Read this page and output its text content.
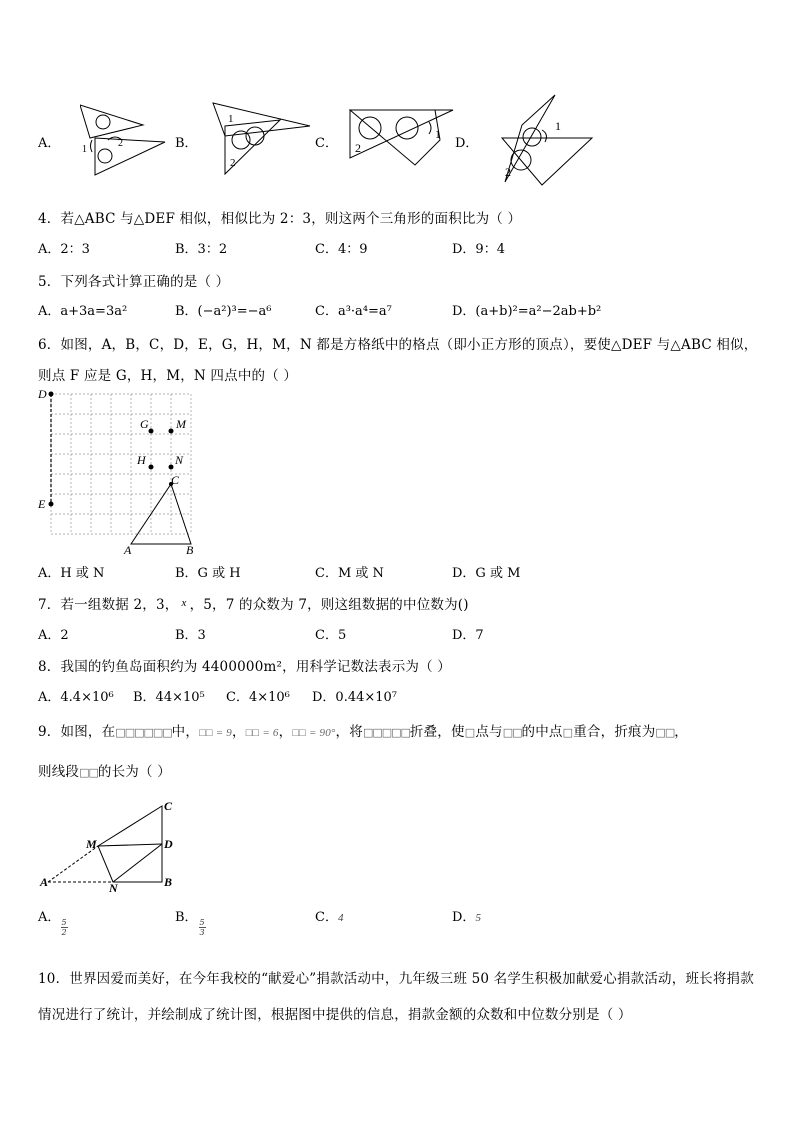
A． 1
2	B．
1
2
C．
1
2	D．
1
2
4．若△ABC 与△DEF 相似，相似比为 2：3，则这两个三角形的面积比为（ ）
A．2：3	B．3：2	C．4：9	D．9：4
5．下列各式计算正确的是（ ）
A．a+3a=3a²	B．(−a²)³=−a⁶	C．a³·a⁴=a⁷	D．(a+b)²=a²−2ab+b²
6．如图，A，B，C，D，E，G，H，M，N 都是方格纸中的格点（即小正方形的顶点），要使△DEF 与△ABC 相似，
则点 F 应是 G，H，M，N 四点中的（ ）
D
E
G M
H N
C
A	B
A．H 或 N	B．G 或 H	C．M 或 N	D．G 或 M
7．若一组数据 2，3， $^x$ ，5，7 的众数为 7，则这组数据的中位数为()
A．2	B．3	C．5	D．7
8．我国的钓鱼岛面积约为 4400000m²，用科学记数法表示为（ ）
A．4.4×10⁶ B．44×10⁵ C．4×10⁶ D．0.44×10⁷
9．如图，在□□□□□□中，□□ = 9，□□ = 6，□□ = 90°，将□□□□□折叠，使□点与□□的中点□重合，折痕为□□，
则线段□□的长为（ ）
C
M	D
A	N	B
A． 5
2
B． 5
3
C．4	D．5
10．世界因爱而美好，在今年我校的“献爱心”捐款活动中，九年级三班 50 名学生积极加献爱心捐款活动，班长将捐款
情况进行了统计，并绘制成了统计图，根据图中提供的信息，捐款金额的众数和中位数分别是（ ）
